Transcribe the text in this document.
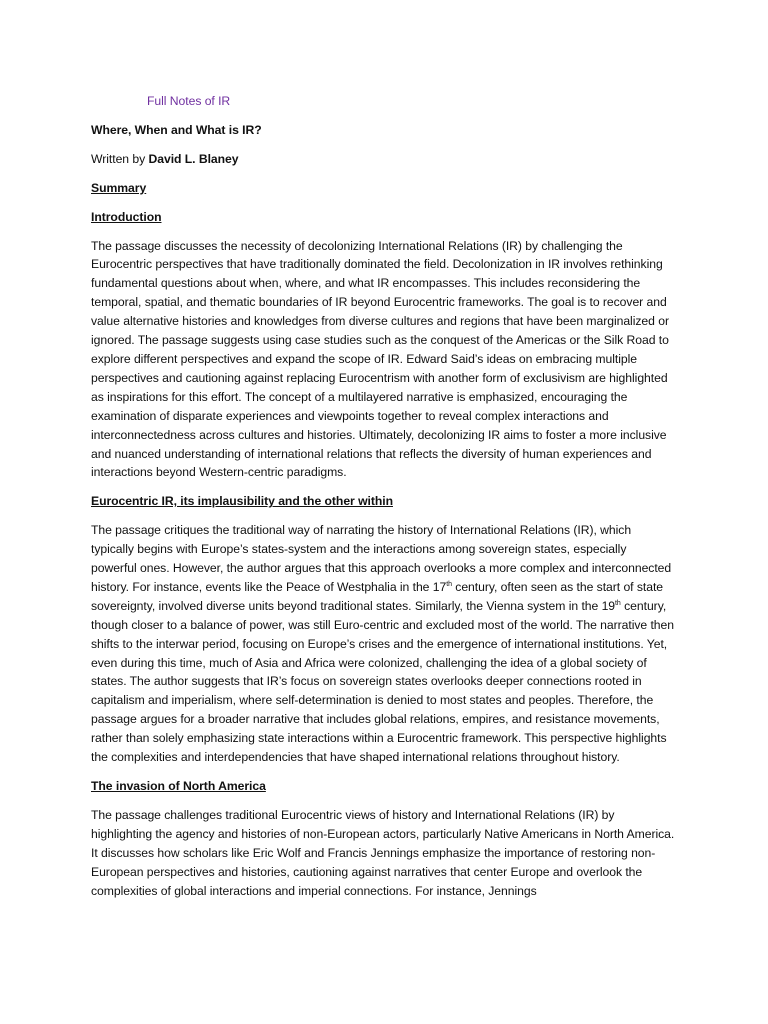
Full Notes of IR
Where, When and What is IR?
Written by David L. Blaney
Summary
Introduction

The passage discusses the necessity of decolonizing International Relations (IR) by challenging the Eurocentric perspectives that have traditionally dominated the field. Decolonization in IR involves rethinking fundamental questions about when, where, and what IR encompasses. This includes reconsidering the temporal, spatial, and thematic boundaries of IR beyond Eurocentric frameworks. The goal is to recover and value alternative histories and knowledges from diverse cultures and regions that have been marginalized or ignored. The passage suggests using case studies such as the conquest of the Americas or the Silk Road to explore different perspectives and expand the scope of IR. Edward Said’s ideas on embracing multiple perspectives and cautioning against replacing Eurocentrism with another form of exclusivism are highlighted as inspirations for this effort. The concept of a multilayered narrative is emphasized, encouraging the examination of disparate experiences and viewpoints together to reveal complex interactions and interconnectedness across cultures and histories. Ultimately, decolonizing IR aims to foster a more inclusive and nuanced understanding of international relations that reflects the diversity of human experiences and interactions beyond Western-centric paradigms.

Eurocentric IR, its implausibility and the other within

The passage critiques the traditional way of narrating the history of International Relations (IR), which typically begins with Europe’s states-system and the interactions among sovereign states, especially powerful ones. However, the author argues that this approach overlooks a more complex and interconnected history. For instance, events like the Peace of Westphalia in the 17th century, often seen as the start of state sovereignty, involved diverse units beyond traditional states. Similarly, the Vienna system in the 19th century, though closer to a balance of power, was still Euro-centric and excluded most of the world. The narrative then shifts to the interwar period, focusing on Europe’s crises and the emergence of international institutions. Yet, even during this time, much of Asia and Africa were colonized, challenging the idea of a global society of states. The author suggests that IR’s focus on sovereign states overlooks deeper connections rooted in capitalism and imperialism, where self-determination is denied to most states and peoples. Therefore, the passage argues for a broader narrative that includes global relations, empires, and resistance movements, rather than solely emphasizing state interactions within a Eurocentric framework. This perspective highlights the complexities and interdependencies that have shaped international relations throughout history.

The invasion of North America

The passage challenges traditional Eurocentric views of history and International Relations (IR) by highlighting the agency and histories of non-European actors, particularly Native Americans in North America. It discusses how scholars like Eric Wolf and Francis Jennings emphasize the importance of restoring non-European perspectives and histories, cautioning against narratives that center Europe and overlook the complexities of global interactions and imperial connections. For instance, Jennings
